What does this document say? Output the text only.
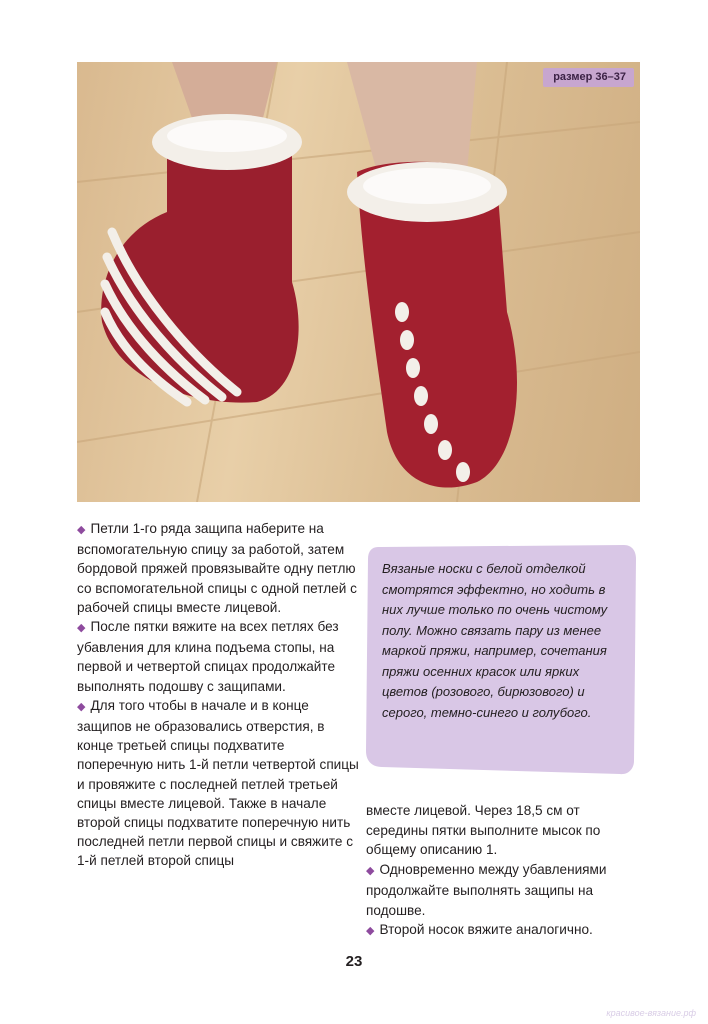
размер 36–37

◆ Петли 1-го ряда защипа наберите на вспомогательную спицу за работой, затем бордовой пряжей провязывайте одну петлю со вспомогательной спицы с одной петлей с рабочей спицы вместе лицевой.

◆ После пятки вяжите на всех петлях без убавления для клина подъема стопы, на первой и четвертой спицах продолжайте выполнять подошву с защипами.

◆ Для того чтобы в начале и в конце защипов не образовались отверстия, в конце третьей спицы подхватите поперечную нить 1-й петли четвертой спицы и провяжите с последней петлей третьей спицы вместе лицевой. Также в начале второй спицы подхватите поперечную нить последней петли первой спицы и свяжите с 1-й петлей второй спицы

Вязаные носки с белой отделкой смотрятся эффектно, но ходить в них лучше только по очень чистому полу. Можно связать пару из менее маркой пряжи, например, сочетания пряжи осенних красок или ярких цветов (розового, бирюзового) и серого, темно-синего и голубого.

вместе лицевой. Через 18,5 см от середины пятки выполните мысок по общему описанию 1.

◆ Одновременно между убавлениями продолжайте выполнять защипы на подошве.

◆ Второй носок вяжите аналогично.

23
красивое-вязание.рф
